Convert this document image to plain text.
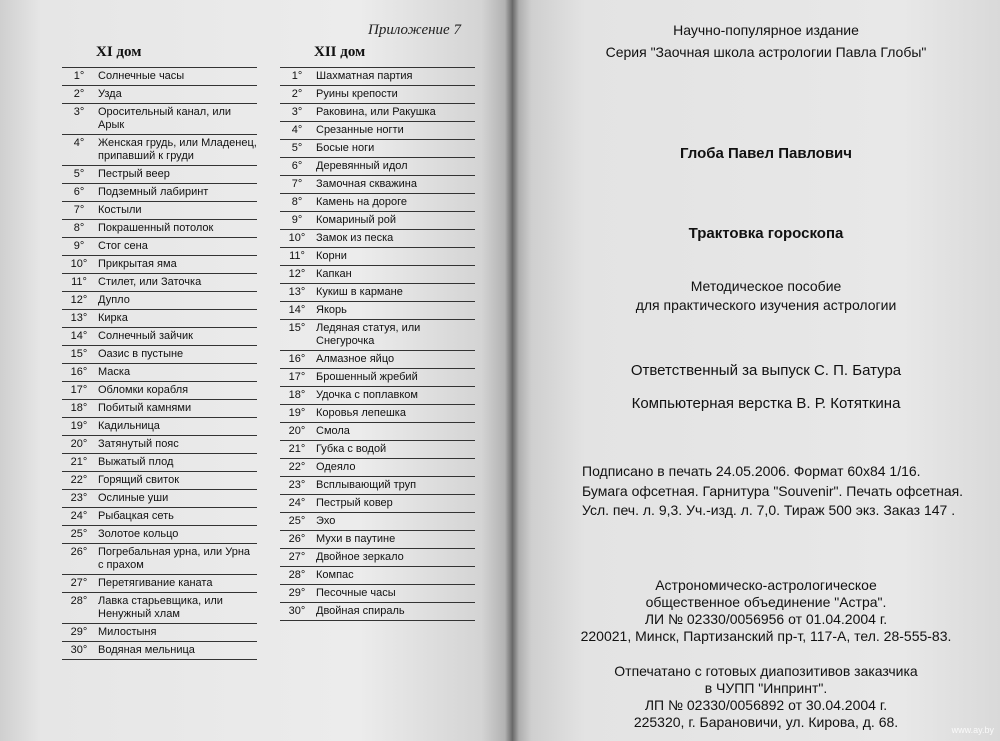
Приложение 7
XI дом
1°	Солнечные часы
2°	Узда
3°	Оросительный канал, или Арык
4°	Женская грудь, или Младенец, припавший к груди
5°	Пестрый веер
6°	Подземный лабиринт
7°	Костыли
8°	Покрашенный потолок
9°	Стог сена
10° Прикрытая яма
11°	Стилет, или Заточка
12° Дупло
13° Кирка
14° Солнечный зайчик
15° Оазис в пустыне
16° Маска
17° Обломки корабля
18° Побитый камнями
19° Кадильница
20° Затянутый пояс
21° Выжатый плод
22° Горящий свиток
23° Ослиные уши
24° Рыбацкая сеть
25° Золотое кольцо
26° Погребальная урна, или Урна с прахом
27° Перетягивание каната
28° Лавка старьевщика, или Ненужный хлам
29° Милостыня
30° Водяная мельница
XII дом
1°	Шахматная партия
2°	Руины крепости
3°	Раковина, или Ракушка
4°	Срезанные ногти
5°	Босые ноги
6°	Деревянный идол
7°	Замочная скважина
8°	Камень на дороге
9°	Комариный рой
10° Замок из песка
11°	Корни
12° Капкан
13° Кукиш в кармане
14° Якорь
15° Ледяная статуя, или Снегурочка
16° Алмазное яйцо
17° Брошенный жребий
18° Удочка с поплавком
19° Коровья лепешка
20° Смола
21° Губка с водой
22° Одеяло
23° Всплывающий труп
24° Пестрый ковер
25° Эхо
26° Мухи в паутине
27° Двойное зеркало
28° Компас
29° Песочные часы
30° Двойная спираль
Научно-популярное издание
Серия "Заочная школа астрологии Павла Глобы"
Глоба Павел Павлович
Трактовка гороскопа
Методическое пособие
для практического изучения астрологии
Ответственный за выпуск С. П. Батура
Компьютерная верстка В. Р. Котяткина
Подписано в печать 24.05.2006. Формат 60x84 1/16.
Бумага офсетная. Гарнитура "Souvenir". Печать офсетная.
Усл. печ. л. 9,3. Уч.-изд. л. 7,0. Тираж 500 экз. Заказ 147 .
Астрономическо-астрологическое
общественное объединение "Астра".
ЛИ № 02330/0056956 от 01.04.2004 г.
220021, Минск, Партизанский пр-т, 117-А, тел. 28-555-83.
Отпечатано с готовых диапозитивов заказчика
в ЧУПП "Инпринт".
ЛП № 02330/0056892 от 30.04.2004 г.
225320, г. Барановичи, ул. Кирова, д. 68.	www.ay.by
